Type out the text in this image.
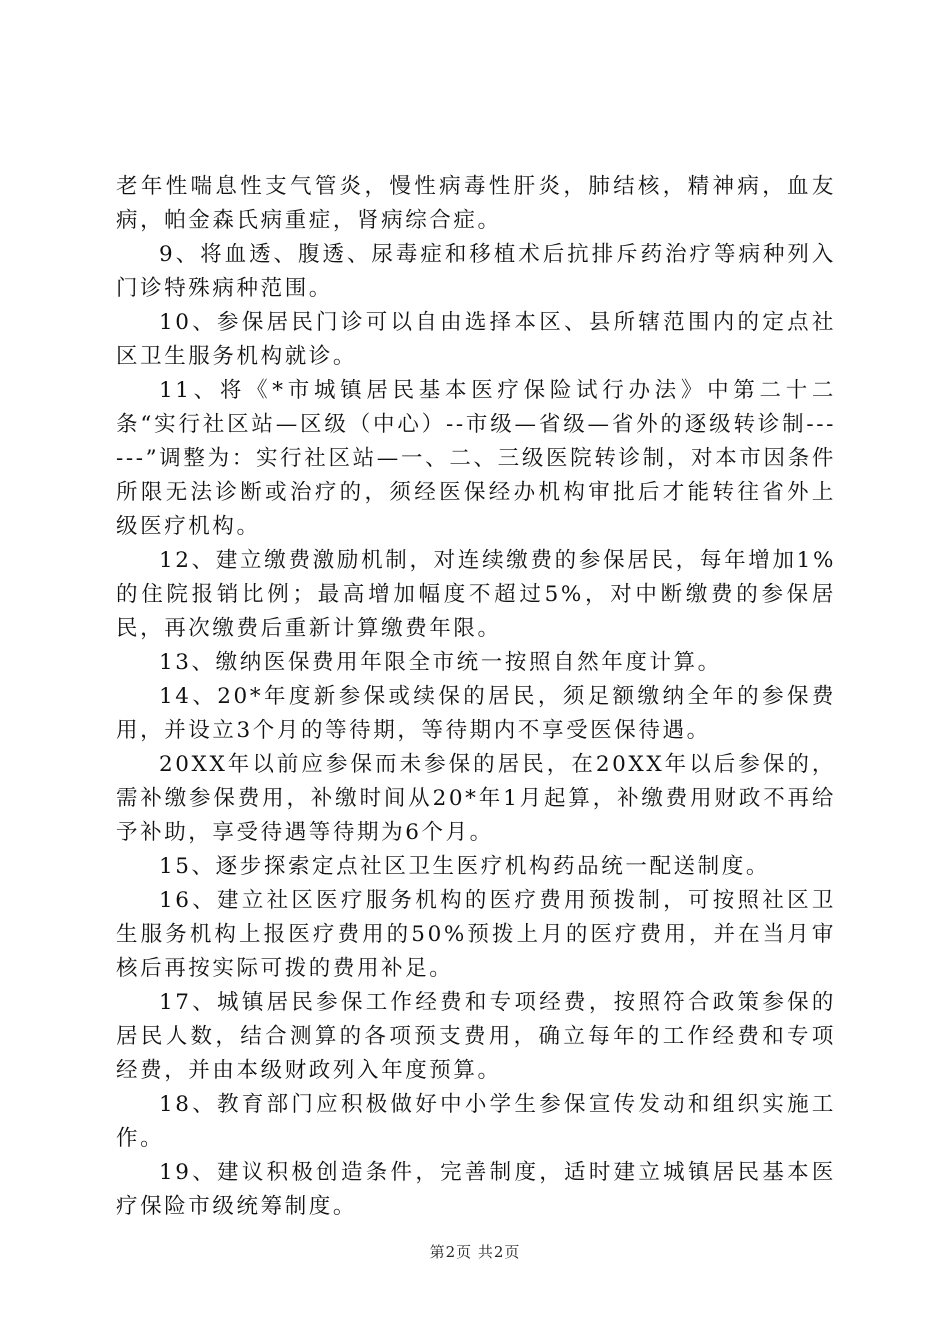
老年性喘息性支气管炎，慢性病毒性肝炎，肺结核，精神病，血友病，帕金森氏病重症，肾病综合症。

9、将血透、腹透、尿毒症和移植术后抗排斥药治疗等病种列入门诊特殊病种范围。

10、参保居民门诊可以自由选择本区、县所辖范围内的定点社区卫生服务机构就诊。

11、将《*市城镇居民基本医疗保险试行办法》中第二十二条“实行社区站—区级（中心）--市级—省级—省外的逐级转诊制------”调整为：实行社区站—一、二、三级医院转诊制，对本市因条件所限无法诊断或治疗的，须经医保经办机构审批后才能转往省外上级医疗机构。

12、建立缴费激励机制，对连续缴费的参保居民，每年增加1%的住院报销比例；最高增加幅度不超过5%，对中断缴费的参保居民，再次缴费后重新计算缴费年限。

13、缴纳医保费用年限全市统一按照自然年度计算。

14、20*年度新参保或续保的居民，须足额缴纳全年的参保费用，并设立3个月的等待期，等待期内不享受医保待遇。

20XX年以前应参保而未参保的居民，在20XX年以后参保的，需补缴参保费用，补缴时间从20*年1月起算，补缴费用财政不再给予补助，享受待遇等待期为6个月。

15、逐步探索定点社区卫生医疗机构药品统一配送制度。

16、建立社区医疗服务机构的医疗费用预拨制，可按照社区卫生服务机构上报医疗费用的50%预拨上月的医疗费用，并在当月审核后再按实际可拨的费用补足。

17、城镇居民参保工作经费和专项经费，按照符合政策参保的居民人数，结合测算的各项预支费用，确立每年的工作经费和专项经费，并由本级财政列入年度预算。

18、教育部门应积极做好中小学生参保宣传发动和组织实施工作。

19、建议积极创造条件，完善制度，适时建立城镇居民基本医疗保险市级统筹制度。

第2页 共2页
